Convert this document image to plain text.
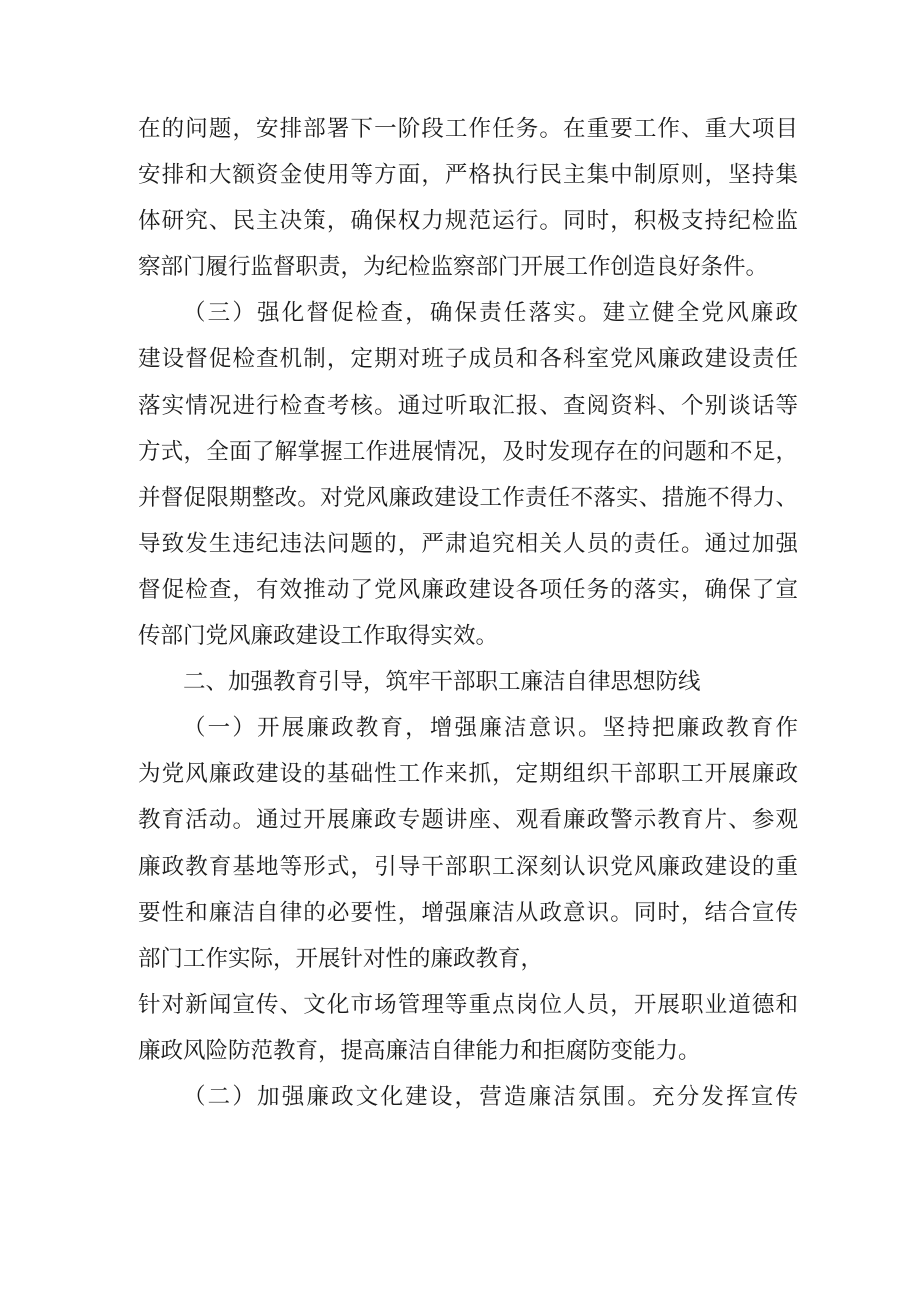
在的问题，安排部署下一阶段工作任务。在重要工作、重大项目
安排和大额资金使用等方面，严格执行民主集中制原则，坚持集
体研究、民主决策，确保权力规范运行。同时，积极支持纪检监
察部门履行监督职责，为纪检监察部门开展工作创造良好条件。
（三）强化督促检查，确保责任落实。建立健全党风廉政
建设督促检查机制，定期对班子成员和各科室党风廉政建设责任
落实情况进行检查考核。通过听取汇报、查阅资料、个别谈话等
方式，全面了解掌握工作进展情况，及时发现存在的问题和不足，
并督促限期整改。对党风廉政建设工作责任不落实、措施不得力、
导致发生违纪违法问题的，严肃追究相关人员的责任。通过加强
督促检查，有效推动了党风廉政建设各项任务的落实，确保了宣
传部门党风廉政建设工作取得实效。
二、加强教育引导，筑牢干部职工廉洁自律思想防线
（一）开展廉政教育，增强廉洁意识。坚持把廉政教育作
为党风廉政建设的基础性工作来抓，定期组织干部职工开展廉政
教育活动。通过开展廉政专题讲座、观看廉政警示教育片、参观
廉政教育基地等形式，引导干部职工深刻认识党风廉政建设的重
要性和廉洁自律的必要性，增强廉洁从政意识。同时，结合宣传
部门工作实际，开展针对性的廉政教育，
针对新闻宣传、文化市场管理等重点岗位人员，开展职业道德和
廉政风险防范教育，提高廉洁自律能力和拒腐防变能力。
（二）加强廉政文化建设，营造廉洁氛围。充分发挥宣传
